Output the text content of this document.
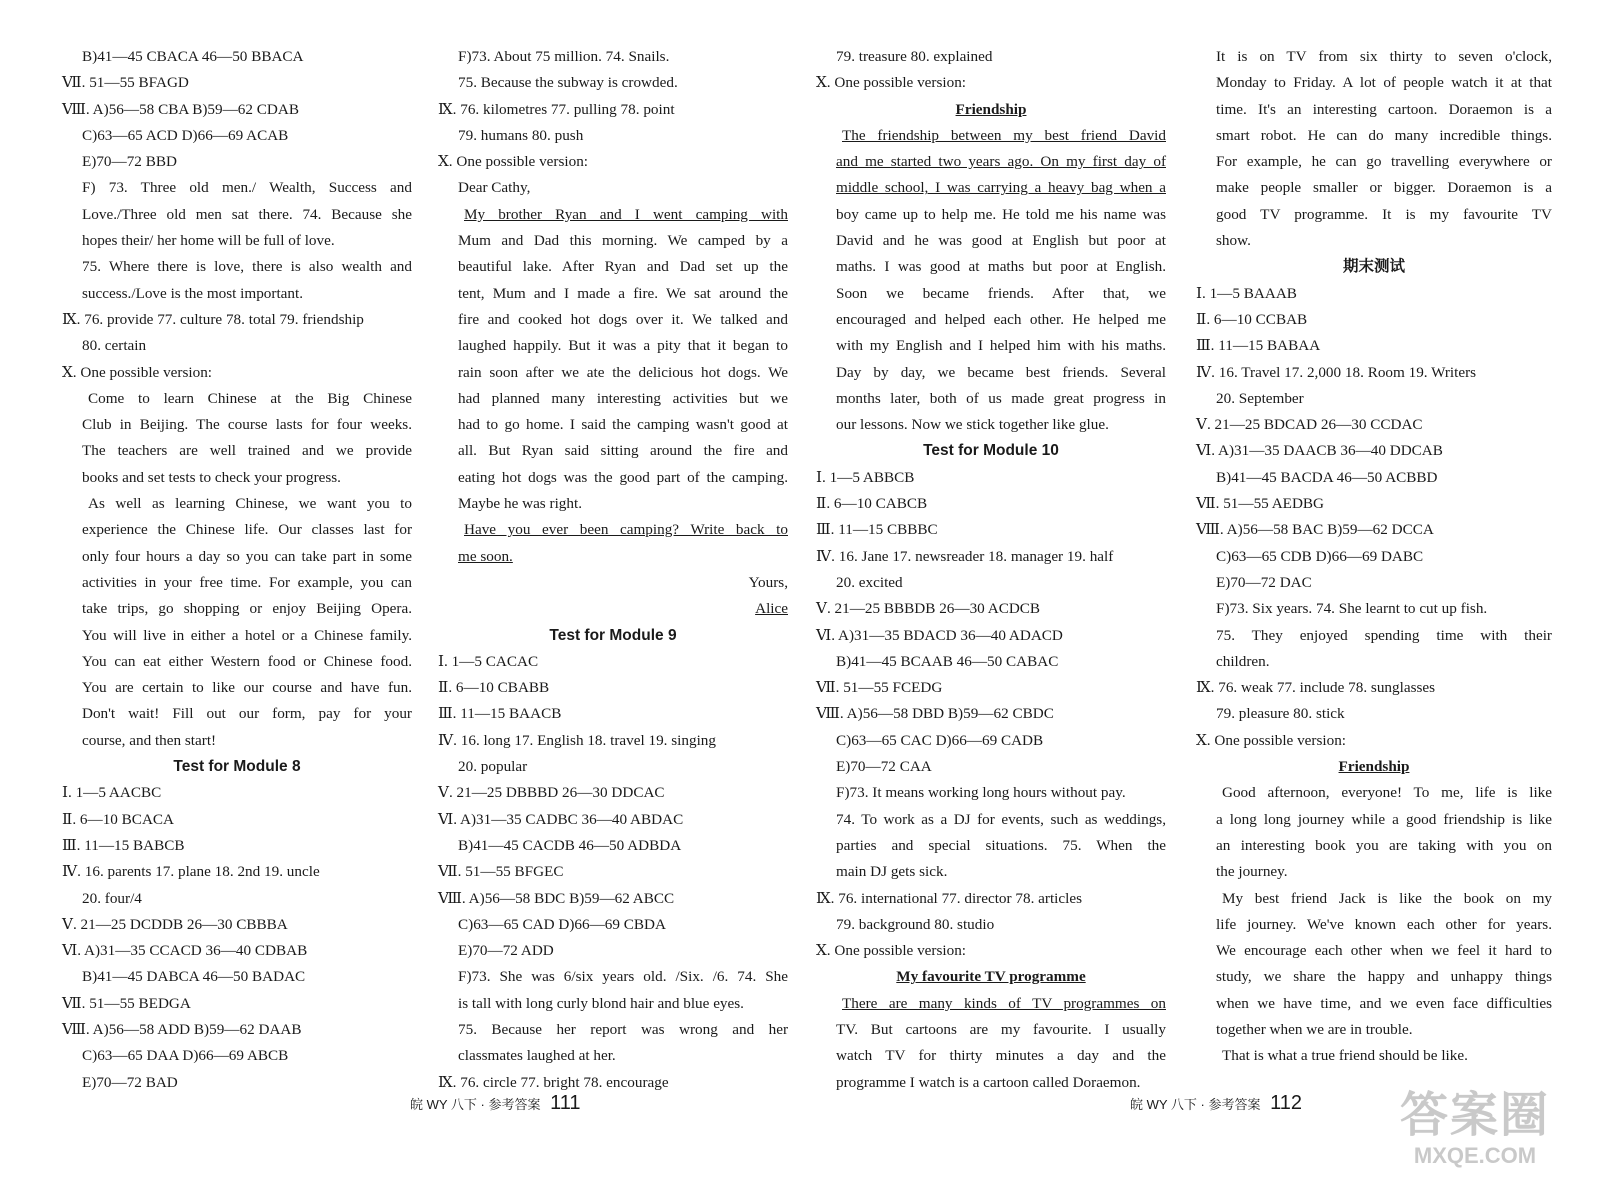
B)41—45 CBACA 46—50 BBACA
Ⅶ. 51—55 BFAGD
Ⅷ. A)56—58 CBA B)59—62 CDAB
C)63—65 ACD D)66—69 ACAB
E)70—72 BBD
F) 73. Three old men./ Wealth, Success and
Love./Three old men sat there. 74. Because she
hopes their/ her home will be full of love.
75. Where there is love, there is also wealth and
success./Love is the most important.
Ⅸ. 76. provide 77. culture 78. total 79. friendship
80. certain
Ⅹ. One possible version:
Come to learn Chinese at the Big Chinese
Club in Beijing. The course lasts for four weeks.
The teachers are well trained and we provide
books and set tests to check your progress.
As well as learning Chinese, we want you to
experience the Chinese life. Our classes last for
only four hours a day so you can take part in some
activities in your free time. For example, you can
take trips, go shopping or enjoy Beijing Opera.
You will live in either a hotel or a Chinese family.
You can eat either Western food or Chinese food.
You are certain to like our course and have fun.
Don't wait! Fill out our form, pay for your
course, and then start!
Test for Module 8
Ⅰ. 1—5 AACBC
Ⅱ. 6—10 BCACA
Ⅲ. 11—15 BABCB
Ⅳ. 16. parents 17. plane 18. 2nd 19. uncle
20. four/4
Ⅴ. 21—25 DCDDB 26—30 CBBBA
Ⅵ. A)31—35 CCACD 36—40 CDBAB
B)41—45 DABCA 46—50 BADAC
Ⅶ. 51—55 BEDGA
Ⅷ. A)56—58 ADD B)59—62 DAAB
C)63—65 DAA D)66—69 ABCB
E)70—72 BAD
F)73. About 75 million. 74. Snails.
75. Because the subway is crowded.
Ⅸ. 76. kilometres 77. pulling 78. point
79. humans 80. push
Ⅹ. One possible version:
Dear Cathy,
My brother Ryan and I went camping with
Mum and Dad this morning. We camped by a
beautiful lake. After Ryan and Dad set up the
tent, Mum and I made a fire. We sat around the
fire and cooked hot dogs over it. We talked and
laughed happily. But it was a pity that it began to
rain soon after we ate the delicious hot dogs. We
had planned many interesting activities but we
had to go home. I said the camping wasn't good at
all. But Ryan said sitting around the fire and
eating hot dogs was the good part of the camping.
Maybe he was right.
Have you ever been camping? Write back to
me soon.
Yours,
Alice
Test for Module 9
Ⅰ. 1—5 CACAC
Ⅱ. 6—10 CBABB
Ⅲ. 11—15 BAACB
Ⅳ. 16. long 17. English 18. travel 19. singing
20. popular
Ⅴ. 21—25 DBBBD 26—30 DDCAC
Ⅵ. A)31—35 CADBC 36—40 ABDAC
B)41—45 CACDB 46—50 ADBDA
Ⅶ. 51—55 BFGEC
Ⅷ. A)56—58 BDC B)59—62 ABCC
C)63—65 CAD D)66—69 CBDA
E)70—72 ADD
F)73. She was 6/six years old. /Six. /6. 74. She
is tall with long curly blond hair and blue eyes.
75. Because her report was wrong and her
classmates laughed at her.
Ⅸ. 76. circle 77. bright 78. encourage
79. treasure 80. explained
Ⅹ. One possible version:
Friendship
The friendship between my best friend David
and me started two years ago. On my first day of
middle school, I was carrying a heavy bag when a
boy came up to help me. He told me his name was
David and he was good at English but poor at
maths. I was good at maths but poor at English.
Soon we became friends. After that, we
encouraged and helped each other. He helped me
with my English and I helped him with his maths.
Day by day, we became best friends. Several
months later, both of us made great progress in
our lessons. Now we stick together like glue.
Test for Module 10
Ⅰ. 1—5 ABBCB
Ⅱ. 6—10 CABCB
Ⅲ. 11—15 CBBBC
Ⅳ. 16. Jane 17. newsreader 18. manager 19. half
20. excited
Ⅴ. 21—25 BBBDB 26—30 ACDCB
Ⅵ. A)31—35 BDACD 36—40 ADACD
B)41—45 BCAAB 46—50 CABAC
Ⅶ. 51—55 FCEDG
Ⅷ. A)56—58 DBD B)59—62 CBDC
C)63—65 CAC D)66—69 CADB
E)70—72 CAA
F)73. It means working long hours without pay.
74. To work as a DJ for events, such as weddings,
parties and special situations. 75. When the
main DJ gets sick.
Ⅸ. 76. international 77. director 78. articles
79. background 80. studio
Ⅹ. One possible version:
My favourite TV programme
There are many kinds of TV programmes on
TV. But cartoons are my favourite. I usually
watch TV for thirty minutes a day and the
programme I watch is a cartoon called Doraemon.
It is on TV from six thirty to seven o'clock,
Monday to Friday. A lot of people watch it at that
time. It's an interesting cartoon. Doraemon is a
smart robot. He can do many incredible things.
For example, he can go travelling everywhere or
make people smaller or bigger. Doraemon is a
good TV programme. It is my favourite TV
show.
期末测试
Ⅰ. 1—5 BAAAB
Ⅱ. 6—10 CCBAB
Ⅲ. 11—15 BABAA
Ⅳ. 16. Travel 17. 2,000 18. Room 19. Writers
20. September
Ⅴ. 21—25 BDCAD 26—30 CCDAC
Ⅵ. A)31—35 DAACB 36—40 DDCAB
B)41—45 BACDA 46—50 ACBBD
Ⅶ. 51—55 AEDBG
Ⅷ. A)56—58 BAC B)59—62 DCCA
C)63—65 CDB D)66—69 DABC
E)70—72 DAC
F)73. Six years. 74. She learnt to cut up fish.
75. They enjoyed spending time with their
children.
Ⅸ. 76. weak 77. include 78. sunglasses
79. pleasure 80. stick
Ⅹ. One possible version:
Friendship
Good afternoon, everyone! To me, life is like
a long long journey while a good friendship is like
an interesting book you are taking with you on
the journey.
My best friend Jack is like the book on my
life journey. We've known each other for years.
We encourage each other when we feel it hard to
study, we share the happy and unhappy things
when we have time, and we even face difficulties
together when we are in trouble.
That is what a true friend should be like.
皖 WY 八下 · 参考答案 111	皖 WY 八下 · 参考答案 112	答案圈
MXQE.COM
